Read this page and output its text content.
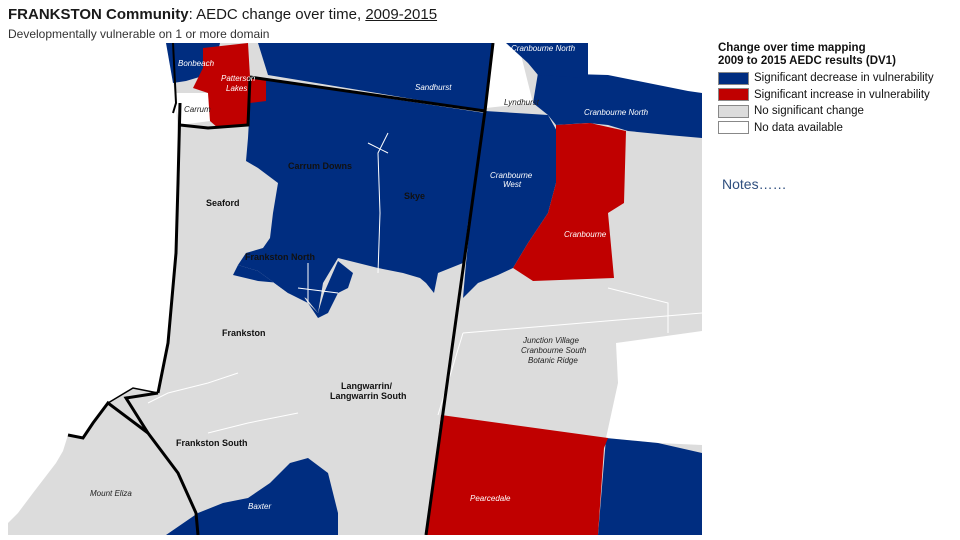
FRANKSTON Community: AEDC change over time, 2009-2015
Developmentally vulnerable on 1 or more domain
Carrum Downs
Skye
Seaford
Frankston North
Frankston
Langwarrin/
Langwarrin South
Frankston South
Patterson
Lakes
Bonbeach
Carrum
Sandhurst
Lyndhurst
Cranbourne North
Cranbourne North
Cranbourne
West
Cranbourne
Junction Village
Cranbourne South
Botanic Ridge
Pearcedale
Mount Eliza
Baxter
Change over time mapping
2009 to 2015 AEDC results (DV1)
Significant decrease in vulnerability
Significant increase in vulnerability
No significant change
No data available
Notes……
